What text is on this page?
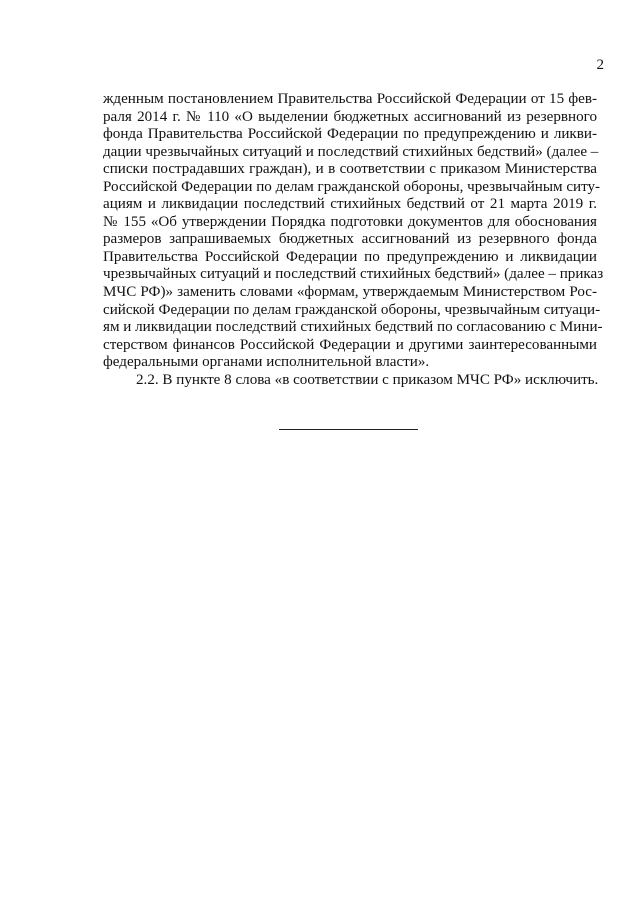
2
жденным постановлением Правительства Российской Федерации от 15 фев-
раля 2014 г. № 110 «О выделении бюджетных ассигнований из резервного
фонда Правительства Российской Федерации по предупреждению и ликви-
дации чрезвычайных ситуаций и последствий стихийных бедствий» (далее –
списки пострадавших граждан), и в соответствии с приказом Министерства
Российской Федерации по делам гражданской обороны, чрезвычайным ситу-
ациям и ликвидации последствий стихийных бедствий от 21 марта 2019 г.
№ 155 «Об утверждении Порядка подготовки документов для обоснования
размеров запрашиваемых бюджетных ассигнований из резервного фонда
Правительства Российской Федерации по предупреждению и ликвидации
чрезвычайных ситуаций и последствий стихийных бедствий» (далее – приказ
МЧС РФ)» заменить словами «формам, утверждаемым Министерством Рос-
сийской Федерации по делам гражданской обороны, чрезвычайным ситуаци-
ям и ликвидации последствий стихийных бедствий по согласованию с Мини-
стерством финансов Российской Федерации и другими заинтересованными
федеральными органами исполнительной власти».
2.2. В пункте 8 слова «в соответствии с приказом МЧС РФ» исключить.
